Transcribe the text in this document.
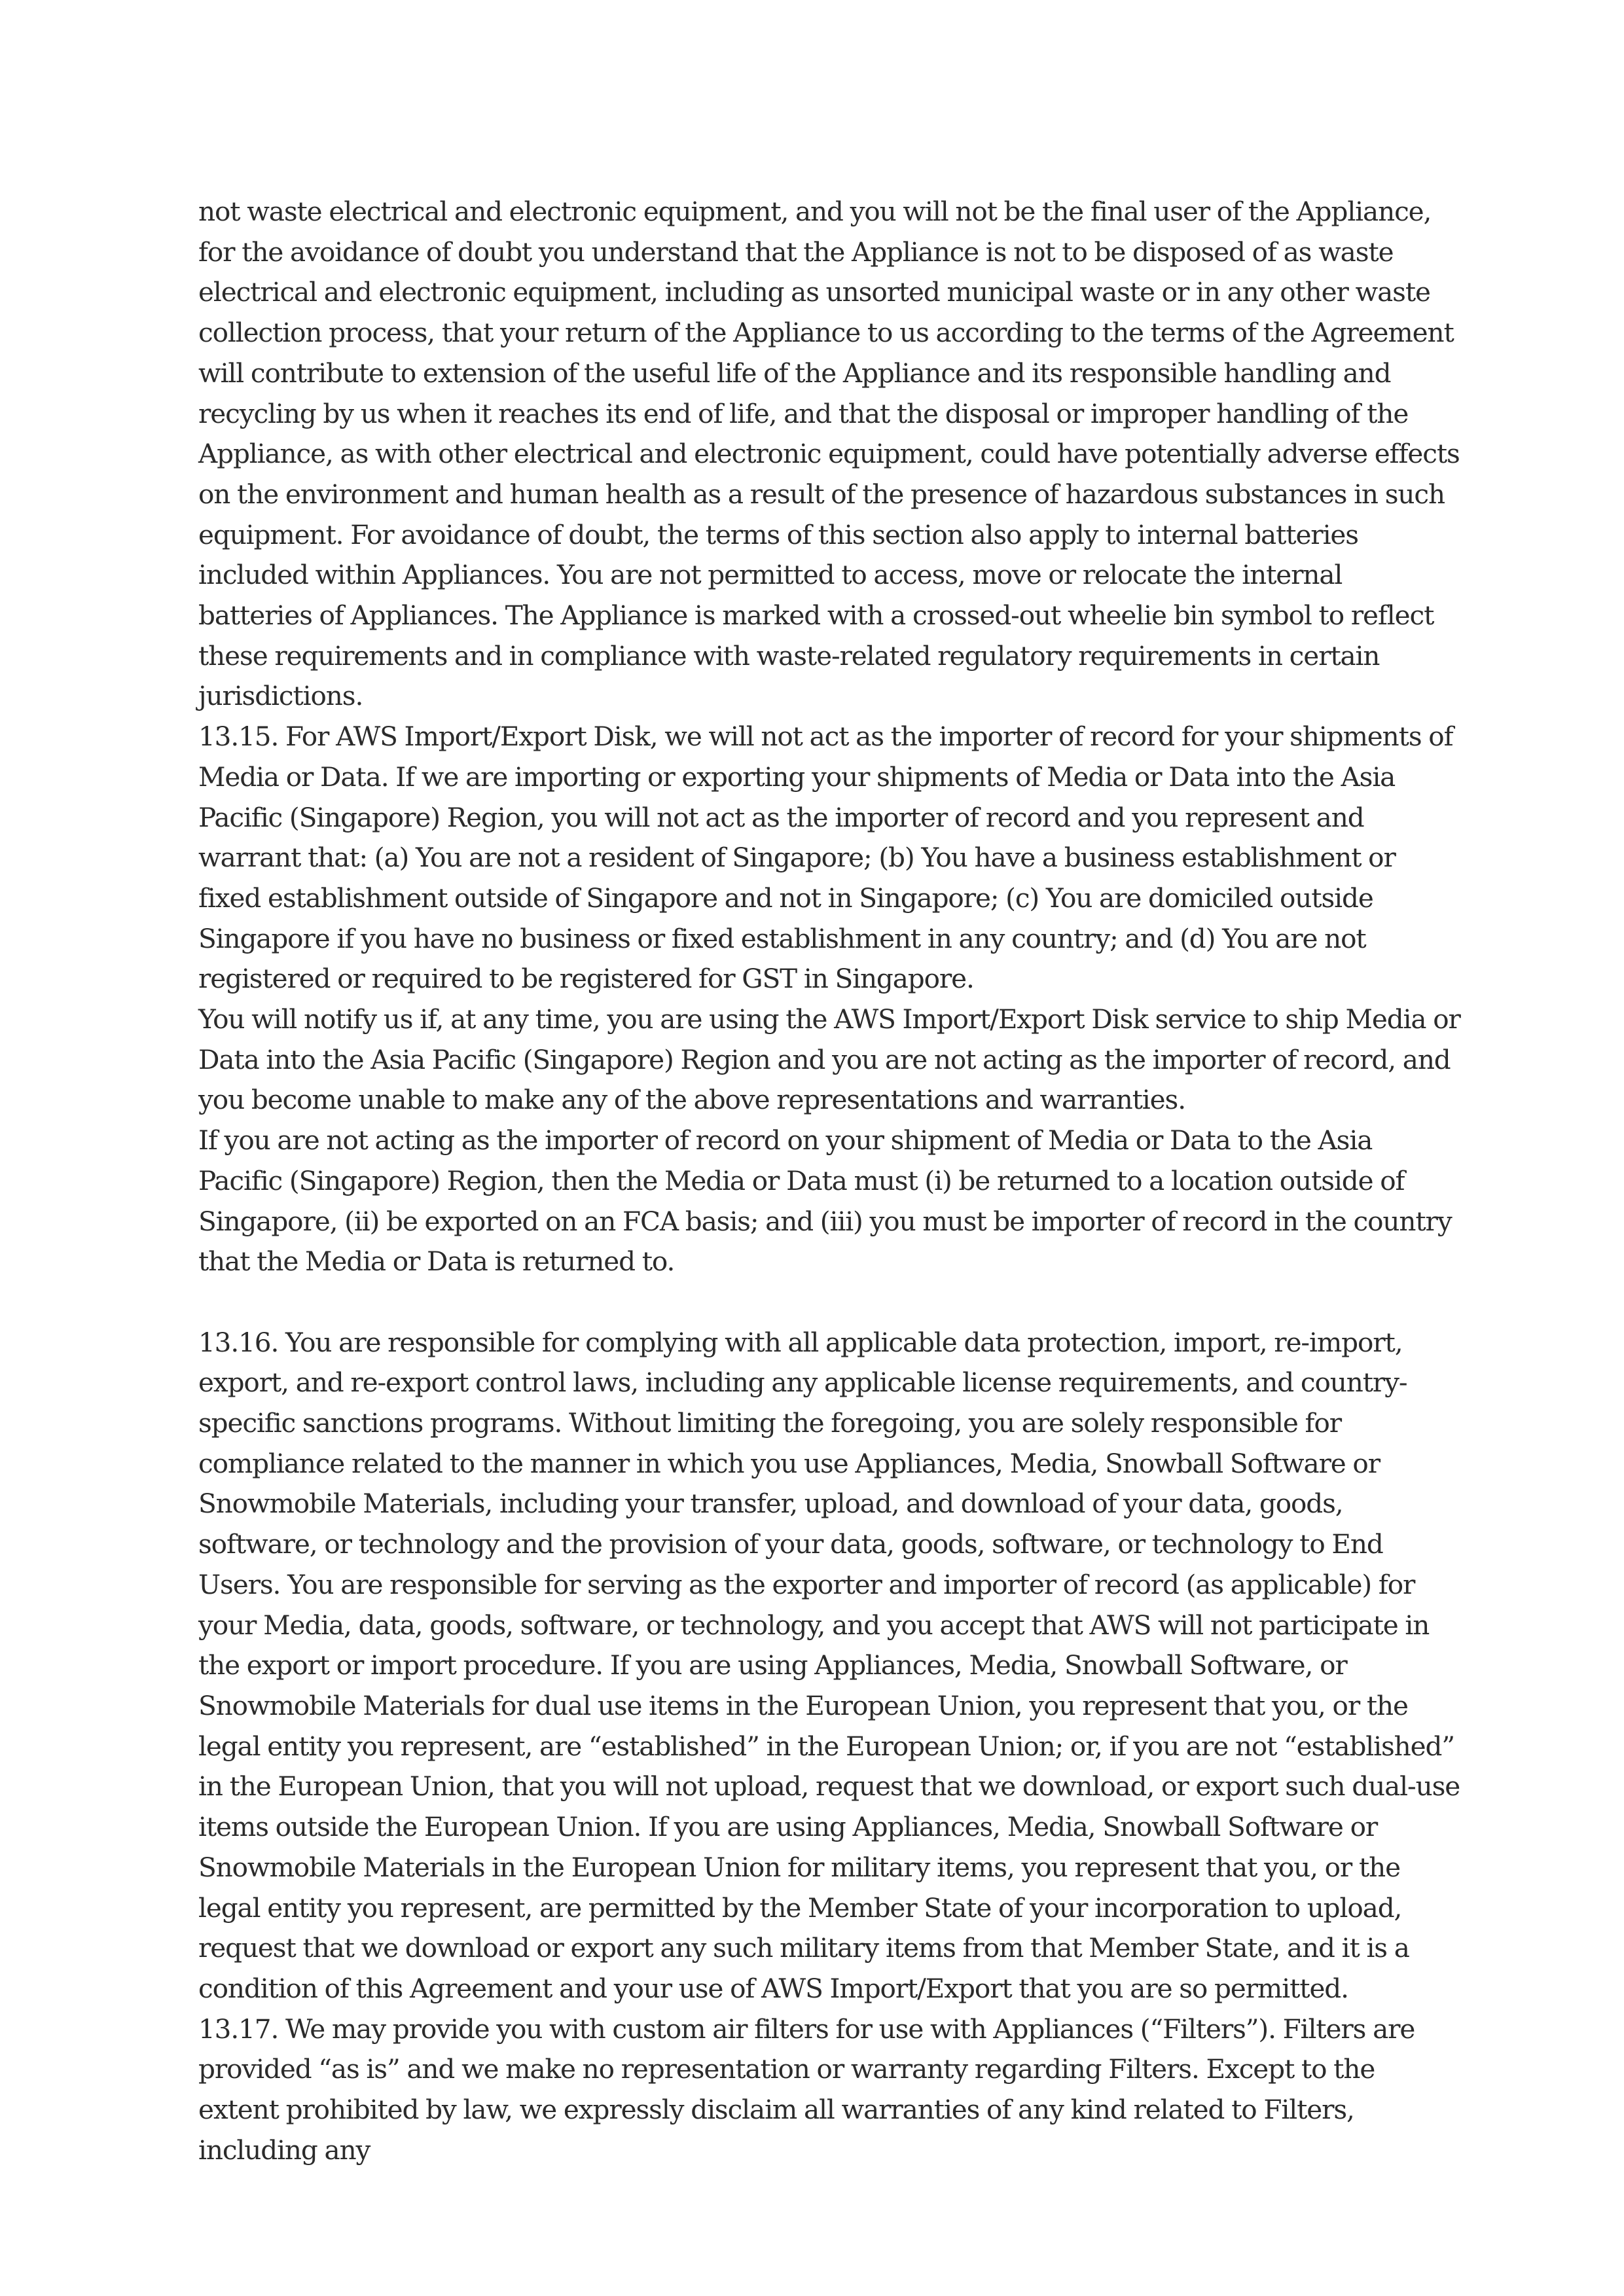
not waste electrical and electronic equipment, and you will not be the final user of the Appliance, for the avoidance of doubt you understand that the Appliance is not to be disposed of as waste electrical and electronic equipment, including as unsorted municipal waste or in any other waste collection process, that your return of the Appliance to us according to the terms of the Agreement will contribute to extension of the useful life of the Appliance and its responsible handling and recycling by us when it reaches its end of life, and that the disposal or improper handling of the Appliance, as with other electrical and electronic equipment, could have potentially adverse effects on the environment and human health as a result of the presence of hazardous substances in such equipment. For avoidance of doubt, the terms of this section also apply to internal batteries included within Appliances. You are not permitted to access, move or relocate the internal batteries of Appliances. The Appliance is marked with a crossed-out wheelie bin symbol to reflect these requirements and in compliance with waste-related regulatory requirements in certain jurisdictions.

13.15. For AWS Import/Export Disk, we will not act as the importer of record for your shipments of Media or Data. If we are importing or exporting your shipments of Media or Data into the Asia Pacific (Singapore) Region, you will not act as the importer of record and you represent and warrant that: (a) You are not a resident of Singapore; (b) You have a business establishment or fixed establishment outside of Singapore and not in Singapore; (c) You are domiciled outside Singapore if you have no business or fixed establishment in any country; and (d) You are not registered or required to be registered for GST in Singapore.

You will notify us if, at any time, you are using the AWS Import/Export Disk service to ship Media or Data into the Asia Pacific (Singapore) Region and you are not acting as the importer of record, and you become unable to make any of the above representations and warranties.

If you are not acting as the importer of record on your shipment of Media or Data to the Asia Pacific (Singapore) Region, then the Media or Data must (i) be returned to a location outside of Singapore, (ii) be exported on an FCA basis; and (iii) you must be importer of record in the country that the Media or Data is returned to.

13.16. You are responsible for complying with all applicable data protection, import, re-import, export, and re-export control laws, including any applicable license requirements, and country-specific sanctions programs. Without limiting the foregoing, you are solely responsible for compliance related to the manner in which you use Appliances, Media, Snowball Software or Snowmobile Materials, including your transfer, upload, and download of your data, goods, software, or technology and the provision of your data, goods, software, or technology to End Users. You are responsible for serving as the exporter and importer of record (as applicable) for your Media, data, goods, software, or technology, and you accept that AWS will not participate in the export or import procedure. If you are using Appliances, Media, Snowball Software, or Snowmobile Materials for dual use items in the European Union, you represent that you, or the legal entity you represent, are “established” in the European Union; or, if you are not “established” in the European Union, that you will not upload, request that we download, or export such dual-use items outside the European Union. If you are using Appliances, Media, Snowball Software or Snowmobile Materials in the European Union for military items, you represent that you, or the legal entity you represent, are permitted by the Member State of your incorporation to upload, request that we download or export any such military items from that Member State, and it is a condition of this Agreement and your use of AWS Import/Export that you are so permitted.

13.17. We may provide you with custom air filters for use with Appliances (“Filters”). Filters are provided “as is” and we make no representation or warranty regarding Filters. Except to the extent prohibited by law, we expressly disclaim all warranties of any kind related to Filters, including any
